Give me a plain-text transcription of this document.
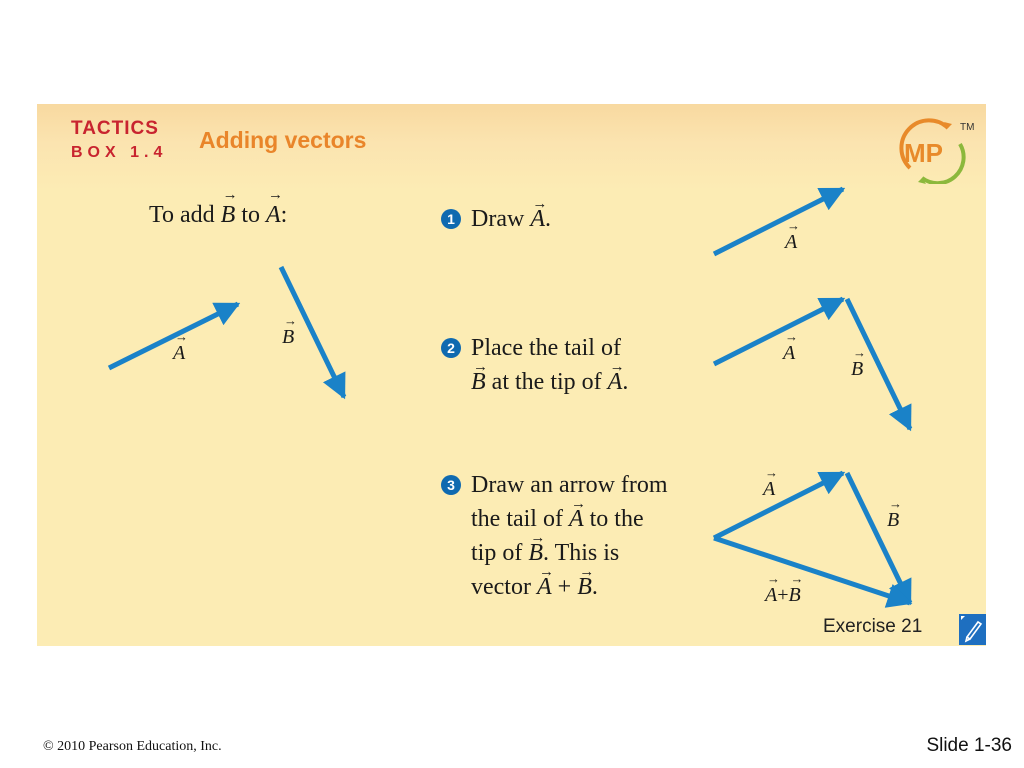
TACTICS
BOX 1.4 Adding vectors	MP
TM
To add → B to → A:	1 Draw → A.
2 Place the tail of
→ B at the tip of → A.
3 Draw an arrow from
the tail of → A to the
tip of → B. This is
vector → A + → B.
→ A
→ B
→ A
→ A
→ B
→ A
→ B
→ A+→ B
Exercise 21
© 2010 Pearson Education, Inc.	Slide 1-36
